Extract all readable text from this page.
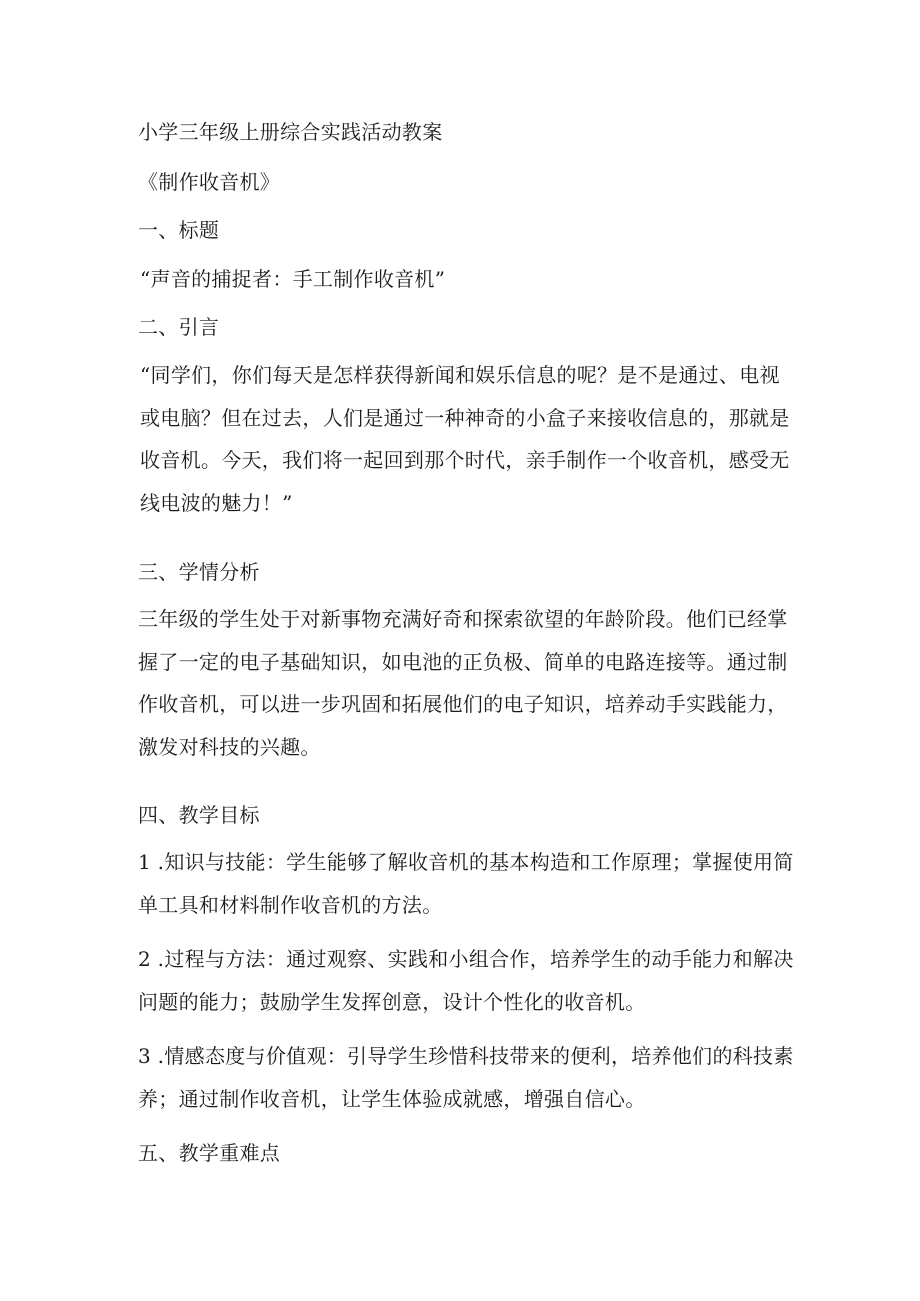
小学三年级上册综合实践活动教案
《制作收音机》
一、标题
“声音的捕捉者：手工制作收音机”
二、引言
“同学们，你们每天是怎样获得新闻和娱乐信息的呢？是不是通过、电视
或电脑？但在过去，人们是通过一种神奇的小盒子来接收信息的，那就是
收音机。今天，我们将一起回到那个时代，亲手制作一个收音机，感受无
线电波的魅力！”
三、学情分析
三年级的学生处于对新事物充满好奇和探索欲望的年龄阶段。他们已经掌
握了一定的电子基础知识，如电池的正负极、简单的电路连接等。通过制
作收音机，可以进一步巩固和拓展他们的电子知识，培养动手实践能力，
激发对科技的兴趣。
四、教学目标
1 .知识与技能：学生能够了解收音机的基本构造和工作原理；掌握使用简
单工具和材料制作收音机的方法。
2 .过程与方法：通过观察、实践和小组合作，培养学生的动手能力和解决
问题的能力；鼓励学生发挥创意，设计个性化的收音机。
3 .情感态度与价值观：引导学生珍惜科技带来的便利，培养他们的科技素
养；通过制作收音机，让学生体验成就感，增强自信心。
五、教学重难点
